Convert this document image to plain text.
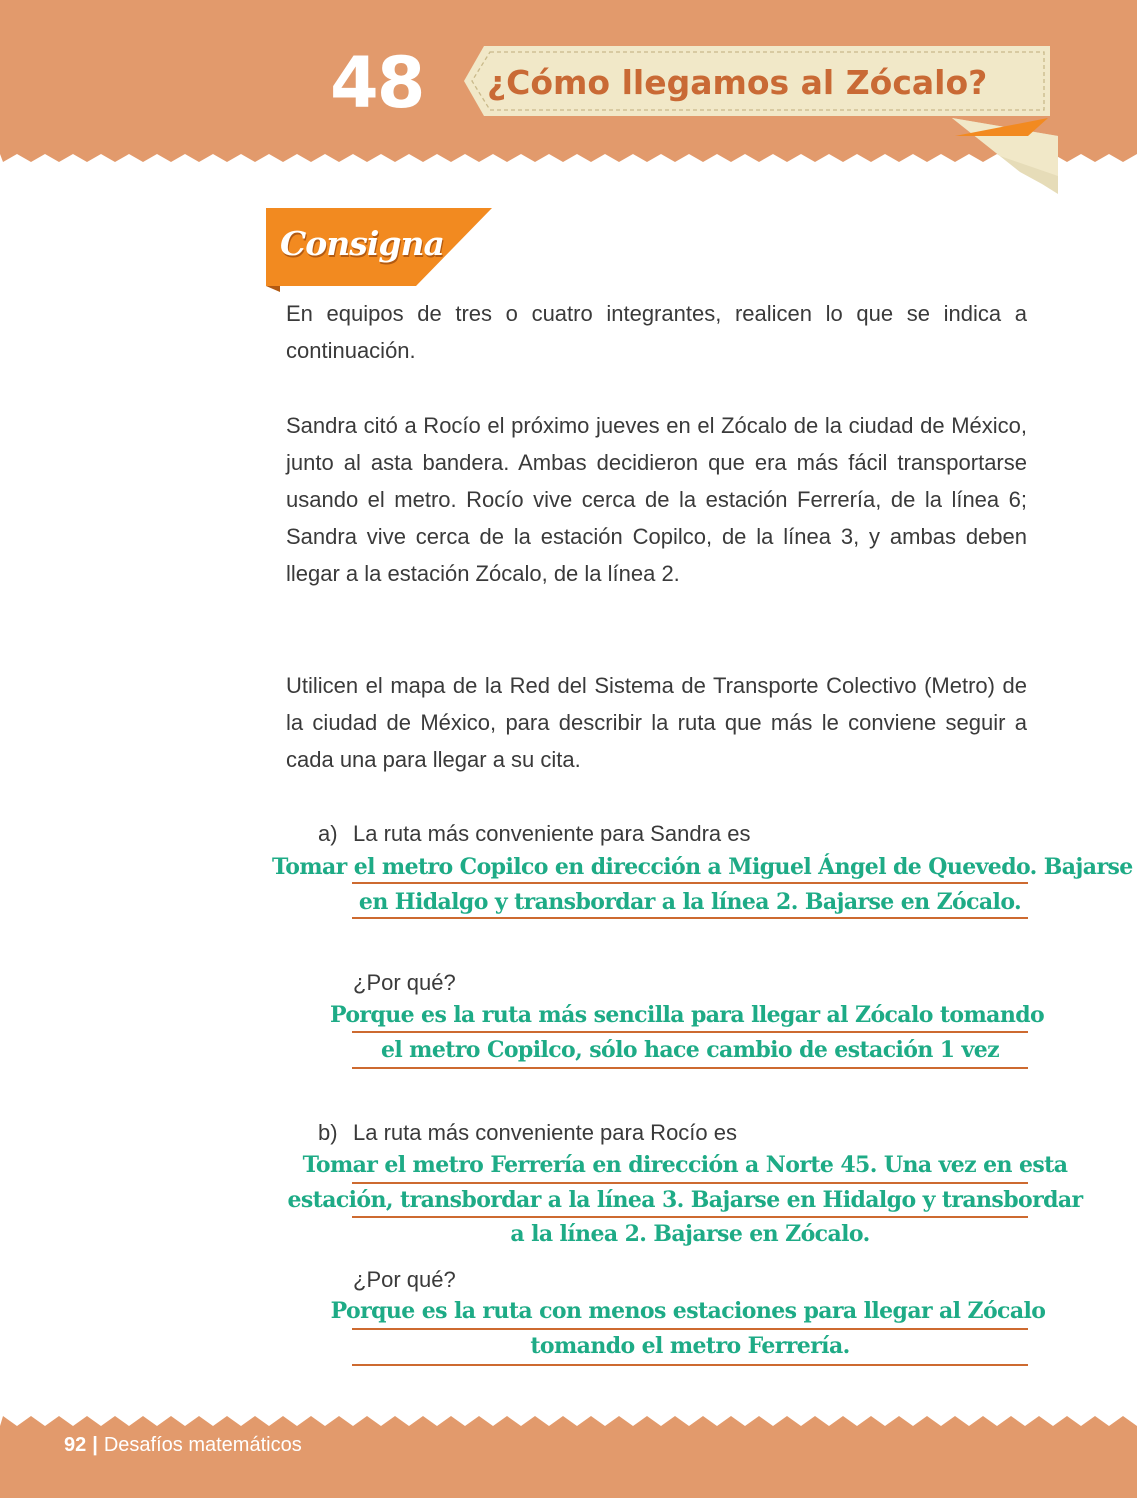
48	¿Cómo llegamos al Zócalo?
Consigna

En equipos de tres o cuatro integrantes, realicen lo que se indica a continuación.

Sandra citó a Rocío el próximo jueves en el Zócalo de la ciudad de México, junto al asta bandera. Ambas decidieron que era más fácil transportarse usando el metro. Rocío vive cerca de la estación Ferrería, de la línea 6; Sandra vive cerca de la estación Copilco, de la línea 3, y ambas deben llegar a la estación Zócalo, de la línea 2.

Utilicen el mapa de la Red del Sistema de Transporte Colectivo (Metro) de la ciudad de México, para describir la ruta que más le conviene seguir a cada una para llegar a su cita.

a) La ruta más conveniente para Sandra es
Tomar el metro Copilco en dirección a Miguel Ángel de Quevedo. Bajarse
en Hidalgo y transbordar a la línea 2. Bajarse en Zócalo.
¿Por qué?
Porque es la ruta más sencilla para llegar al Zócalo tomando
el metro Copilco, sólo hace cambio de estación 1 vez
b) La ruta más conveniente para Rocío es
Tomar el metro Ferrería en dirección a Norte 45. Una vez en esta
estación, transbordar a la línea 3. Bajarse en Hidalgo y transbordar
a la línea 2. Bajarse en Zócalo.
¿Por qué?
Porque es la ruta con menos estaciones para llegar al Zócalo
tomando el metro Ferrería.
92 | Desafíos matemáticos
